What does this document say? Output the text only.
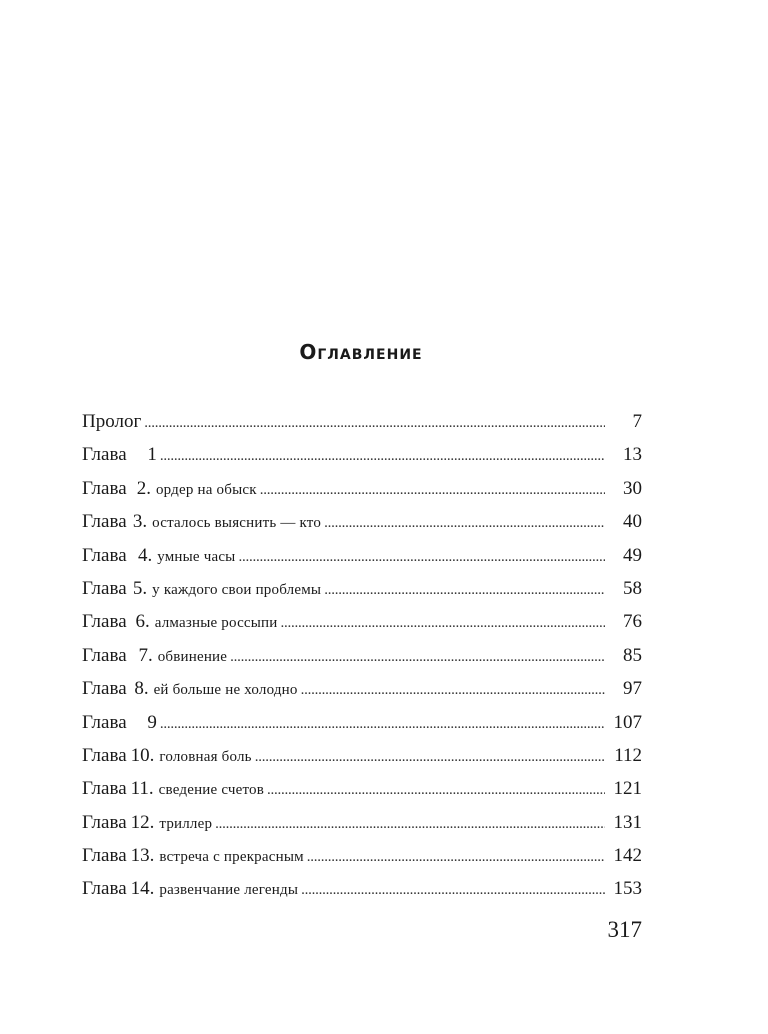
Оглавление
Пролог . . .	7
Глава	1 . . .	13
Глава 2. ордер на обыск . . .	30
Глава 3. осталось выяснить — кто . . .	40
Глава 4. умные часы . . .	49
Глава 5. у каждого свои проблемы . . .	58
Глава 6. алмазные россыпи . . .	76
Глава 7. обвинение . . .	85
Глава 8. ей больше не холодно . . .	97
Глава	9 . . .	107
Глава 10. головная боль . . .	112
Глава 11. сведение счетов . . .	121
Глава 12. триллер . . .	131
Глава 13. встреча с прекрасным . . .	142
Глава 14. развенчание легенды . . .	153
317
